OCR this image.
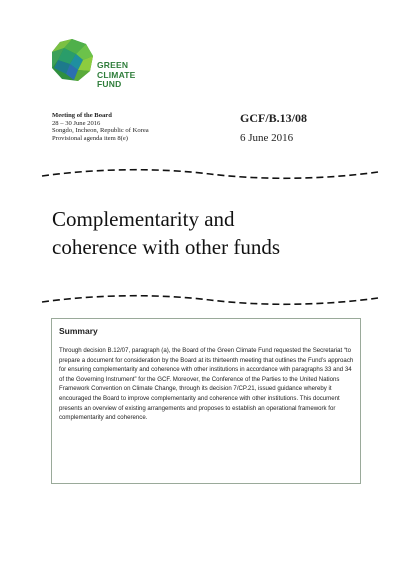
GREEN
CLIMATE
FUND
Meeting of the Board
28 – 30 June 2016
Songdo, Incheon, Republic of Korea
Provisional agenda item 8(e)
GCF/B.13/08
6 June 2016
Complementarity and
coherence with other funds
Summary
Through decision B.12/07, paragraph (a), the Board of the Green Climate Fund requested the Secretariat “to prepare a document for consideration by the Board at its thirteenth meeting that outlines the Fund’s approach for ensuring complementarity and coherence with other institutions in accordance with paragraphs 33 and 34 of the Governing Instrument” for the GCF. Moreover, the Conference of the Parties to the United Nations Framework Convention on Climate Change, through its decision 7/CP.21, issued guidance whereby it encouraged the Board to improve complementarity and coherence with other institutions. This document presents an overview of existing arrangements and proposes to establish an operational framework for complementarity and coherence.
